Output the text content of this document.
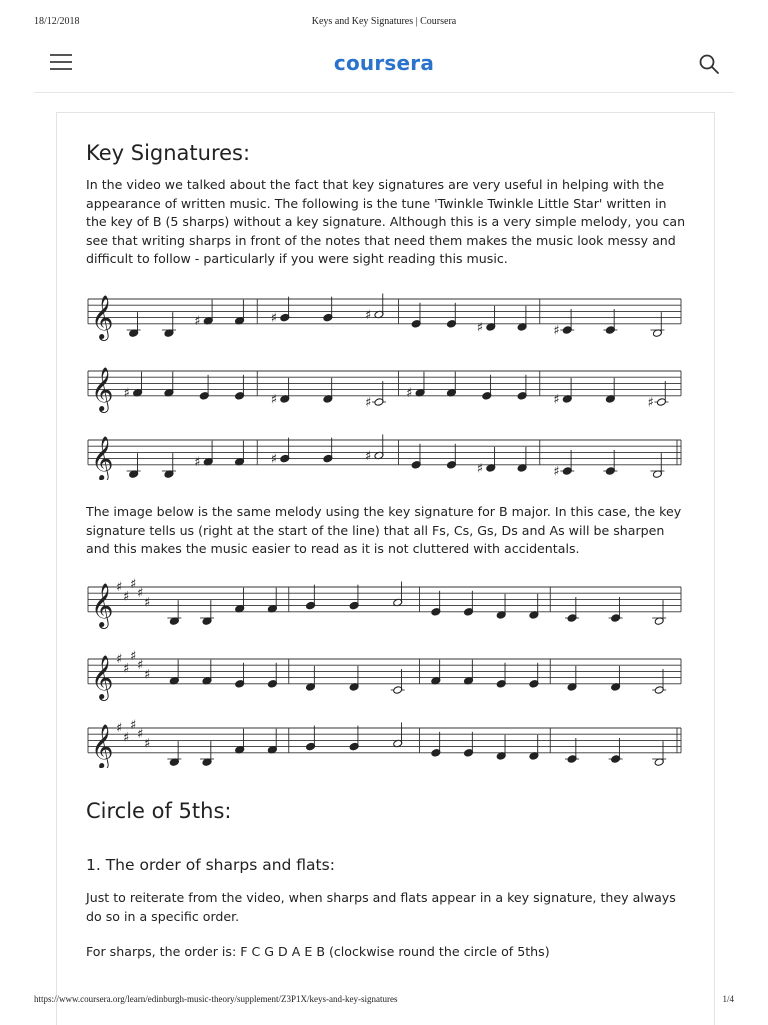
18/12/2018	Keys and Key Signatures | Coursera
coursera
Key Signatures:

In the video we talked about the fact that key signatures are very useful in helping with the appearance of written music. The following is the tune 'Twinkle Twinkle Little Star' written in the key of B (5 sharps) without a key signature. Although this is a very simple melody, you can see that writing sharps in front of the notes that need them makes the music look messy and difficult to follow - particularly if you were sight reading this music.

𝄞	♯	♯	♯
♯	♯
𝄞 ♯	♯	♯
♯	♯	♯
𝄞	♯	♯	♯
♯	♯

The image below is the same melody using the key signature for B major. In this case, the key signature tells us (right at the start of the line) that all Fs, Cs, Gs, Ds and As will be sharpen and this makes the music easier to read as it is not cluttered with accidentals.

𝄞 ♯
♯
♯
♯
♯
𝄞 ♯
♯
♯
♯
♯
𝄞 ♯
♯
♯
♯
♯
Circle of 5ths:
1. The order of sharps and flats:

Just to reiterate from the video, when sharps and flats appear in a key signature, they always do so in a specific order.

For sharps, the order is: F C G D A E B (clockwise round the circle of 5ths)

https://www.coursera.org/learn/edinburgh-music-theory/supplement/Z3P1X/keys-and-key-signatures	1/4
